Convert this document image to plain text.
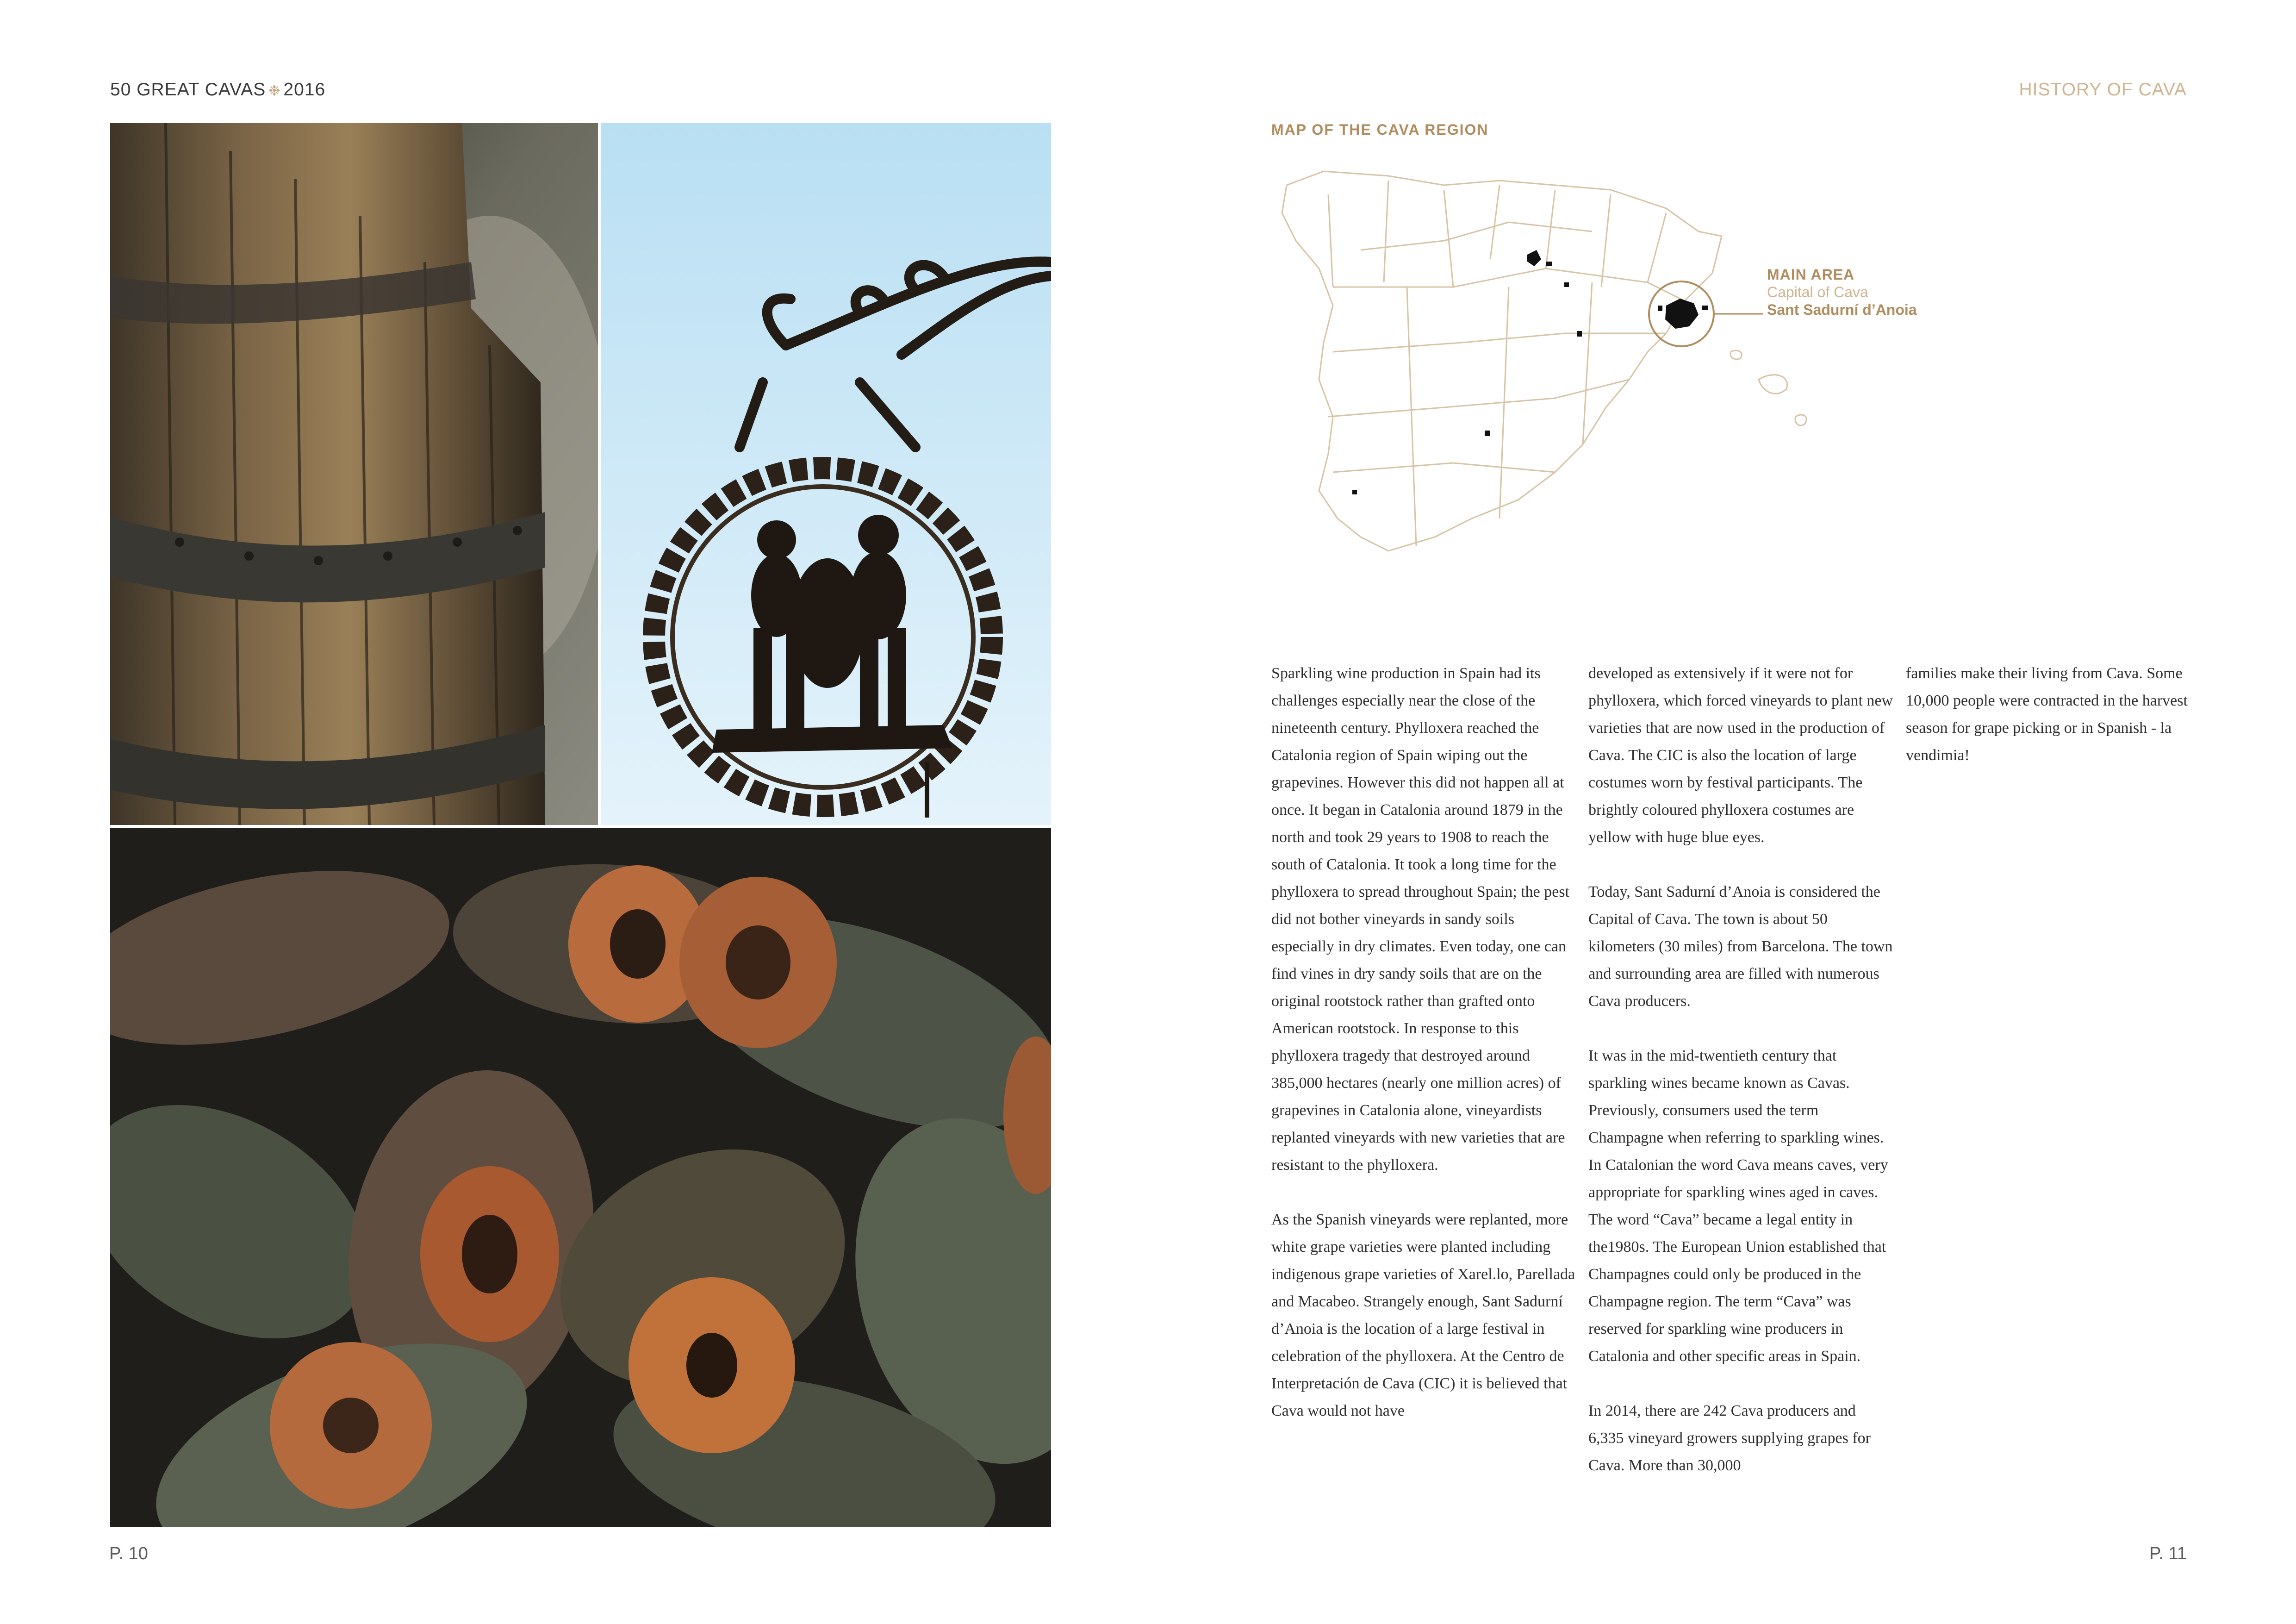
50 GREAT CAVAS ❉ 2016	HISTORY OF CAVA
MAP OF THE CAVA REGION
MAIN AREA
Capital of Cava
Sant Sadurní d’Anoia

Sparkling wine production in Spain had its challenges especially near the close of the nineteenth century. Phylloxera reached the Catalonia region of Spain wiping out the grapevines. However this did not happen all at once. It began in Catalonia around 1879 in the north and took 29 years to 1908 to reach the south of Catalonia. It took a long time for the phylloxera to spread throughout Spain; the pest did not bother vineyards in sandy soils especially in dry climates. Even today, one can find vines in dry sandy soils that are on the original rootstock rather than grafted onto American rootstock. In response to this phylloxera tragedy that destroyed around 385,000 hectares (nearly one million acres) of grapevines in Catalonia alone, vineyardists replanted vineyards with new varieties that are resistant to the phylloxera.

As the Spanish vineyards were replanted, more white grape varieties were planted including indigenous grape varieties of Xarel.lo, Parellada and Macabeo. Strangely enough, Sant Sadurní d’Anoia is the location of a large festival in celebration of the phylloxera. At the Centro de Interpretación de Cava (CIC) it is believed that Cava would not have

developed as extensively if it were not for phylloxera, which forced vineyards to plant new varieties that are now used in the production of Cava. The CIC is also the location of large costumes worn by festival participants. The brightly coloured phylloxera costumes are yellow with huge blue eyes.

Today, Sant Sadurní d’Anoia is considered the Capital of Cava. The town is about 50 kilometers (30 miles) from Barcelona. The town and surrounding area are filled with numerous Cava producers.

It was in the mid-twentieth century that sparkling wines became known as Cavas. Previously, consumers used the term Champagne when referring to sparkling wines. In Catalonian the word Cava means caves, very appropriate for sparkling wines aged in caves. The word “Cava” became a legal entity in the1980s. The European Union established that Champagnes could only be produced in the Champagne region. The term “Cava” was reserved for sparkling wine producers in Catalonia and other specific areas in Spain.

In 2014, there are 242 Cava producers and 6,335 vineyard growers supplying grapes for Cava. More than 30,000

families make their living from Cava. Some 10,000 people were contracted in the harvest season for grape picking or in Spanish - la vendimia!

P. 10	P. 11
